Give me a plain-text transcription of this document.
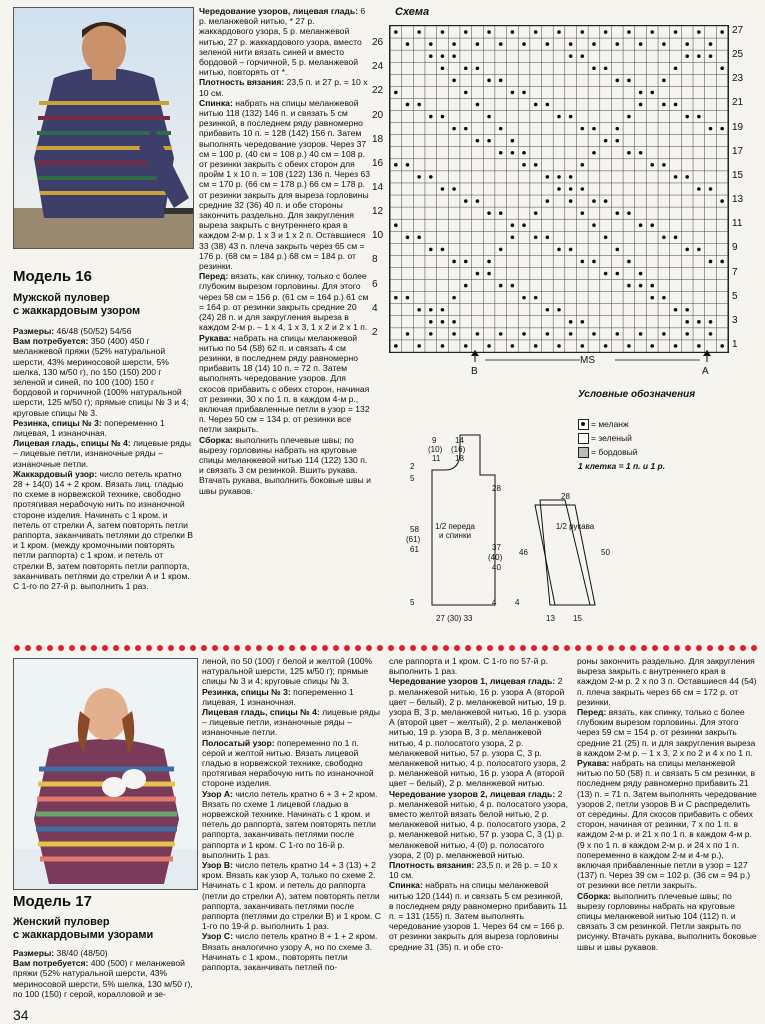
Модель 16
Мужской пуловер
с жаккардовым узором
Размеры: 46/48 (50/52) 54/56
Вам потребуется: 350 (400) 450 г меланжевой пряжи (52% натуральной шерсти, 43% мериносовой шерсти, 5% шелка, 130 м/50 г), по 150 (150) 200 г зеленой и синей, по 100 (100) 150 г бордовой и горчичной (100% натуральной шерсти, 125 м/50 г); прямые спицы № 3 и 4; круговые спицы № 3.
Резинка, спицы № 3: попеременно 1 лицевая, 1 изнаночная.
Лицевая гладь, спицы № 4: лицевые ряды – лицевые петли, изнаночные ряды – изнаночные петли.
Жаккардовый узор: число петель кратно 28 + 14(0) 14 + 2 кром. Вязать лиц. гладью по схеме в норвежской технике, свободно протягивая нерабочую нить по изнаночной стороне изделия. Начинать с 1 кром. и петель от стрелки А, затем повторять петли раппорта, заканчивать петлями до стрелки В и 1 кром. (между кромочными повторять петли раппорта) с 1 кром. и петель от стрелки В, затем повторять петли раппорта, заканчивать петлями до стрелки А и 1 кром. С 1-го по 27-й р. выполнить 1 раз.
Чередование узоров, лицевая гладь: 6 р. меланжевой нитью, * 27 р. жаккардового узора, 5 р. меланжевой нитью, 27 р. жаккардового узора, вместо зеленой нити вязать синей и вместо бордовой – горчичной, 5 р. меланжевой нитью, повторять от *.
Плотность вязания: 23,5 п. и 27 р. = 10 х 10 см.
Спинка: набрать на спицы меланжевой нитью 118 (132) 146 п. и связать 5 см резинкой, в последнем ряду равномерно прибавить 10 п. = 128 (142) 156 п. Затем выполнять чередование узоров. Через 37 см = 100 р. (40 см = 108 р.) 40 см = 108 р. от резинки закрыть с обеих сторон для пройм 1 х 10 п. = 108 (122) 136 п. Через 63 см = 170 р. (66 см = 178 р.) 66 см = 178 р. от резинки закрыть для выреза горловины средние 32 (36) 40 п. и обе стороны закончить раздельно. Для закругления выреза закрыть с внутреннего края в каждом 2-м р. 1 х 3 и 1 х 2 п. Оставшиеся 33 (38) 43 п. плеча закрыть через 65 см = 176 р. (68 см = 184 р.) 68 см = 184 р. от резинки.
Перед: вязать, как спинку, только с более глубоким вырезом горловины. Для этого через 58 см = 156 р. (61 см = 164 р.) 61 см = 164 р. от резинки закрыть средние 20 (24) 28 п. и для закругления выреза в каждом 2-м р. – 1 х 4, 1 х 3, 1 х 2 и 2 х 1 п.
Рукава: набрать на спицы меланжевой нитью по 54 (58) 62 п. и связать 4 см резинки, в последнем ряду равномерно прибавить 18 (14) 10 п. = 72 п. Затем выполнять чередование узоров. Для скосов прибавить с обеих сторон, начиная от резинки, 30 х по 1 п. в каждом 4-м р., включая прибавленные петли в узор = 132 п. Через 50 см = 134 р. от резинки все петли закрыть.
Сборка: выполнить плечевые швы; по вырезу горловины набрать на круговые спицы меланжевой нитью 114 (122) 130 п. и связать 3 см резинкой. Вшить рукава. Втачать рукава, выполнить боковые швы и швы рукавов.
Схема
27
25
23
21
19
17
15
13
11
9
7
5
3
1
26
24
22
20
18
16
14
12
10
8
6
4
2
В
MS
А
Условные обозначения
= меланж
= зеленый
= бордовый
1 клетка = 1 п. и 1 р.
1/2 переда и спинки
1/2 рукава
9
(10)
11
14
(16)
18
2
5
28
58
(61)
61	37
(40)
40
46
5	4
27 (30) 33
28
50
4
13 15
Модель 17
Женский пуловер
с жаккардовыми узорами
Размеры: 38/40 (48/50)
Вам потребуется: 400 (500) г меланжевой пряжи (52% натуральной шерсти, 43% мериносовой шерсти, 5% шелка, 130 м/50 г), по 100 (150) г серой, коралловой и зе-
леной, по 50 (100) г белой и желтой (100% натуральной шерсти, 125 м/50 г); прямые спицы № 3 и 4; круговые спицы № 3.
Резинка, спицы № 3: попеременно 1 лицевая, 1 изнаночная.
Лицевая гладь, спицы № 4: лицевые ряды – лицевые петли, изнаночные ряды – изнаночные петли.
Полосатый узор: попеременно по 1 п. серой и желтой нитью. Вязать лицевой гладью в норвежской технике, свободно протягивая нерабочую нить по изнаночной стороне изделия.
Узор А: число петель кратно 6 + 3 + 2 кром. Вязать по схеме 1 лицевой гладью в норвежской технике. Начинать с 1 кром. и петель до раппорта, затем повторять петли раппорта, заканчивать петлями после раппорта и 1 кром. С 1-го по 16-й р. выполнить 1 раз.
Узор В: число петель кратно 14 + 3 (13) + 2 кром. Вязать как узор А, только по схеме 2. Начинать с 1 кром. и петель до раппорта (петли до стрелки А), затем повторять петли раппорта, заканчивать петлями после раппорта (петлями до стрелки В) и 1 кром. С 1-го по 19-й р. выполнить 1 раз.
Узор С: число петель кратно 8 + 1 + 2 кром. Вязать аналогично узору А, но по схеме 3. Начинать с 1 кром., повторять петли раппорта, заканчивать петлей по-
сле раппорта и 1 кром. С 1-го по 57-й р. выполнить 1 раз.
Чередование узоров 1, лицевая гладь: 2 р. меланжевой нитью, 16 р. узора А (второй цвет – белый), 2 р. меланжевой нитью, 19 р. узора В, 3 р. меланжевой нитью, 16 р. узора А (второй цвет – желтый), 2 р. меланжевой нитью, 19 р. узора В, 3 р. меланжевой нитью, 4 р. полосатого узора, 2 р. меланжевой нитью, 57 р. узора С, 3 р. меланжевой нитью, 4 р. полосатого узора, 2 р. меланжевой нитью, 16 р. узора А (второй цвет – белый), 2 р. меланжевой нитью.
Чередование узоров 2, лицевая гладь: 2 р. меланжевой нитью, 4 р. полосатого узора, вместо желтой вязать белой нитью, 2 р. меланжевой нитью, 4 р. полосатого узора, 2 р. меланжевой нитью, 57 р. узора С, 3 (1) р. меланжевой нитью, 4 (0) р. полосатого узора, 2 (0) р. меланжевой нитью.
Плотность вязания: 23,5 п. и 26 р. = 10 х 10 см.
Спинка: набрать на спицы меланжевой нитью 120 (144) п. и связать 5 см резинкой, в последнем ряду равномерно прибавить 11 п. = 131 (155) п. Затем выполнять чередование узоров 1. Через 64 см = 166 р. от резинки закрыть для выреза горловины средние 31 (35) п. и обе сто-
роны закончить раздельно. Для закругления выреза закрыть с внутреннего края в каждом 2-м р. 2 х по 3 п. Оставшиеся 44 (54) п. плеча закрыть через 66 см = 172 р. от резинки.
Перед: вязать, как спинку, только с более глубоким вырезом горловины. Для этого через 59 см = 154 р. от резинки закрыть средние 21 (25) п. и для закругления выреза в каждом 2-м р. – 1 х 3, 2 х по 2 и 4 х по 1 п.
Рукава: набрать на спицы меланжевой нитью по 50 (58) п. и связать 5 см резинки, в последнем ряду равномерно прибавить 21 (13) п. = 71 п. Затем выполнять чередование узоров 2, петли узоров В и С распределить от середины. Для скосов прибавить с обеих сторон, начиная от резинки, 7 х по 1 п. в каждом 2-м р. и 21 х по 1 п. в каждом 4-м р. (9 х по 1 п. в каждом 2-м р. и 24 х по 1 п. попеременно в каждом 2-м и 4-м р.), включая прибавленные петли в узор = 127 (137) п. Через 39 см = 102 р. (36 см = 94 р.) от резинки все петли закрыть.
Сборка: выполнить плечевые швы; по вырезу горловины набрать на круговые спицы меланжевой нитью 104 (112) п. и связать 3 см резинкой. Петли закрыть по рисунку. Втачать рукава, выполнить боковые швы и швы рукавов.
34
